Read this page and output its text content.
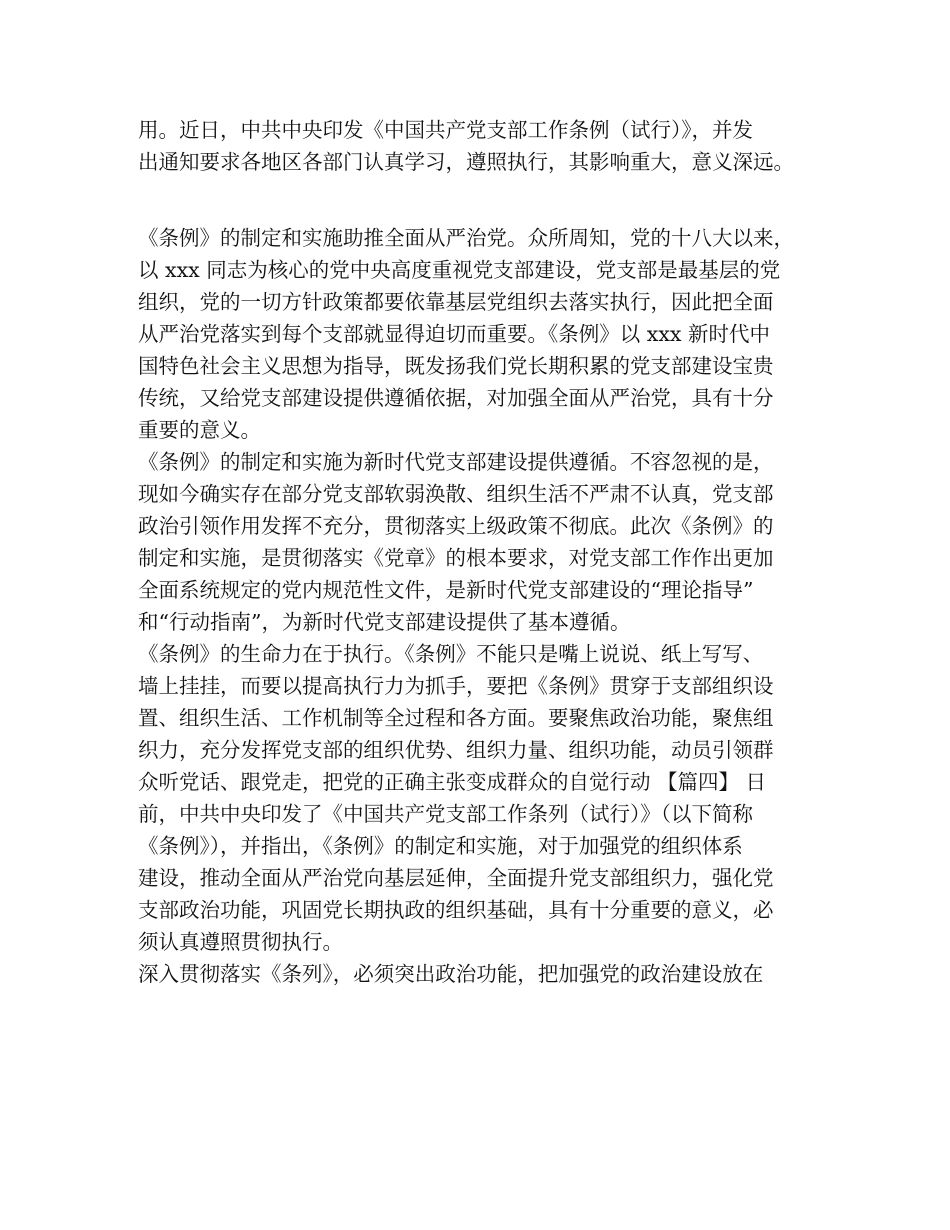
用。近日，中共中央印发《中国共产党支部工作条例（试行）》，并发
出通知要求各地区各部门认真学习，遵照执行，其影响重大，意义深远。
《条例》的制定和实施助推全面从严治党。众所周知，党的十八大以来，
以 xxx 同志为核心的党中央高度重视党支部建设，党支部是最基层的党
组织，党的一切方针政策都要依靠基层党组织去落实执行，因此把全面
从严治党落实到每个支部就显得迫切而重要。《条例》以 xxx 新时代中
国特色社会主义思想为指导，既发扬我们党长期积累的党支部建设宝贵
传统，又给党支部建设提供遵循依据，对加强全面从严治党，具有十分
重要的意义。
《条例》的制定和实施为新时代党支部建设提供遵循。不容忽视的是，
现如今确实存在部分党支部软弱涣散、组织生活不严肃不认真，党支部
政治引领作用发挥不充分，贯彻落实上级政策不彻底。此次《条例》的
制定和实施，是贯彻落实《党章》的根本要求，对党支部工作作出更加
全面系统规定的党内规范性文件，是新时代党支部建设的“理论指导”
和“行动指南”，为新时代党支部建设提供了基本遵循。
《条例》的生命力在于执行。《条例》不能只是嘴上说说、纸上写写、
墙上挂挂，而要以提高执行力为抓手，要把《条例》贯穿于支部组织设
置、组织生活、工作机制等全过程和各方面。要聚焦政治功能，聚焦组
织力，充分发挥党支部的组织优势、组织力量、组织功能，动员引领群
众听党话、跟党走，把党的正确主张变成群众的自觉行动 【篇四】 日
前，中共中央印发了《中国共产党支部工作条列（试行）》（以下简称
《条例》），并指出，《条例》的制定和实施，对于加强党的组织体系
建设，推动全面从严治党向基层延伸，全面提升党支部组织力，强化党
支部政治功能，巩固党长期执政的组织基础，具有十分重要的意义，必
须认真遵照贯彻执行。
深入贯彻落实《条列》，必须突出政治功能，把加强党的政治建设放在
